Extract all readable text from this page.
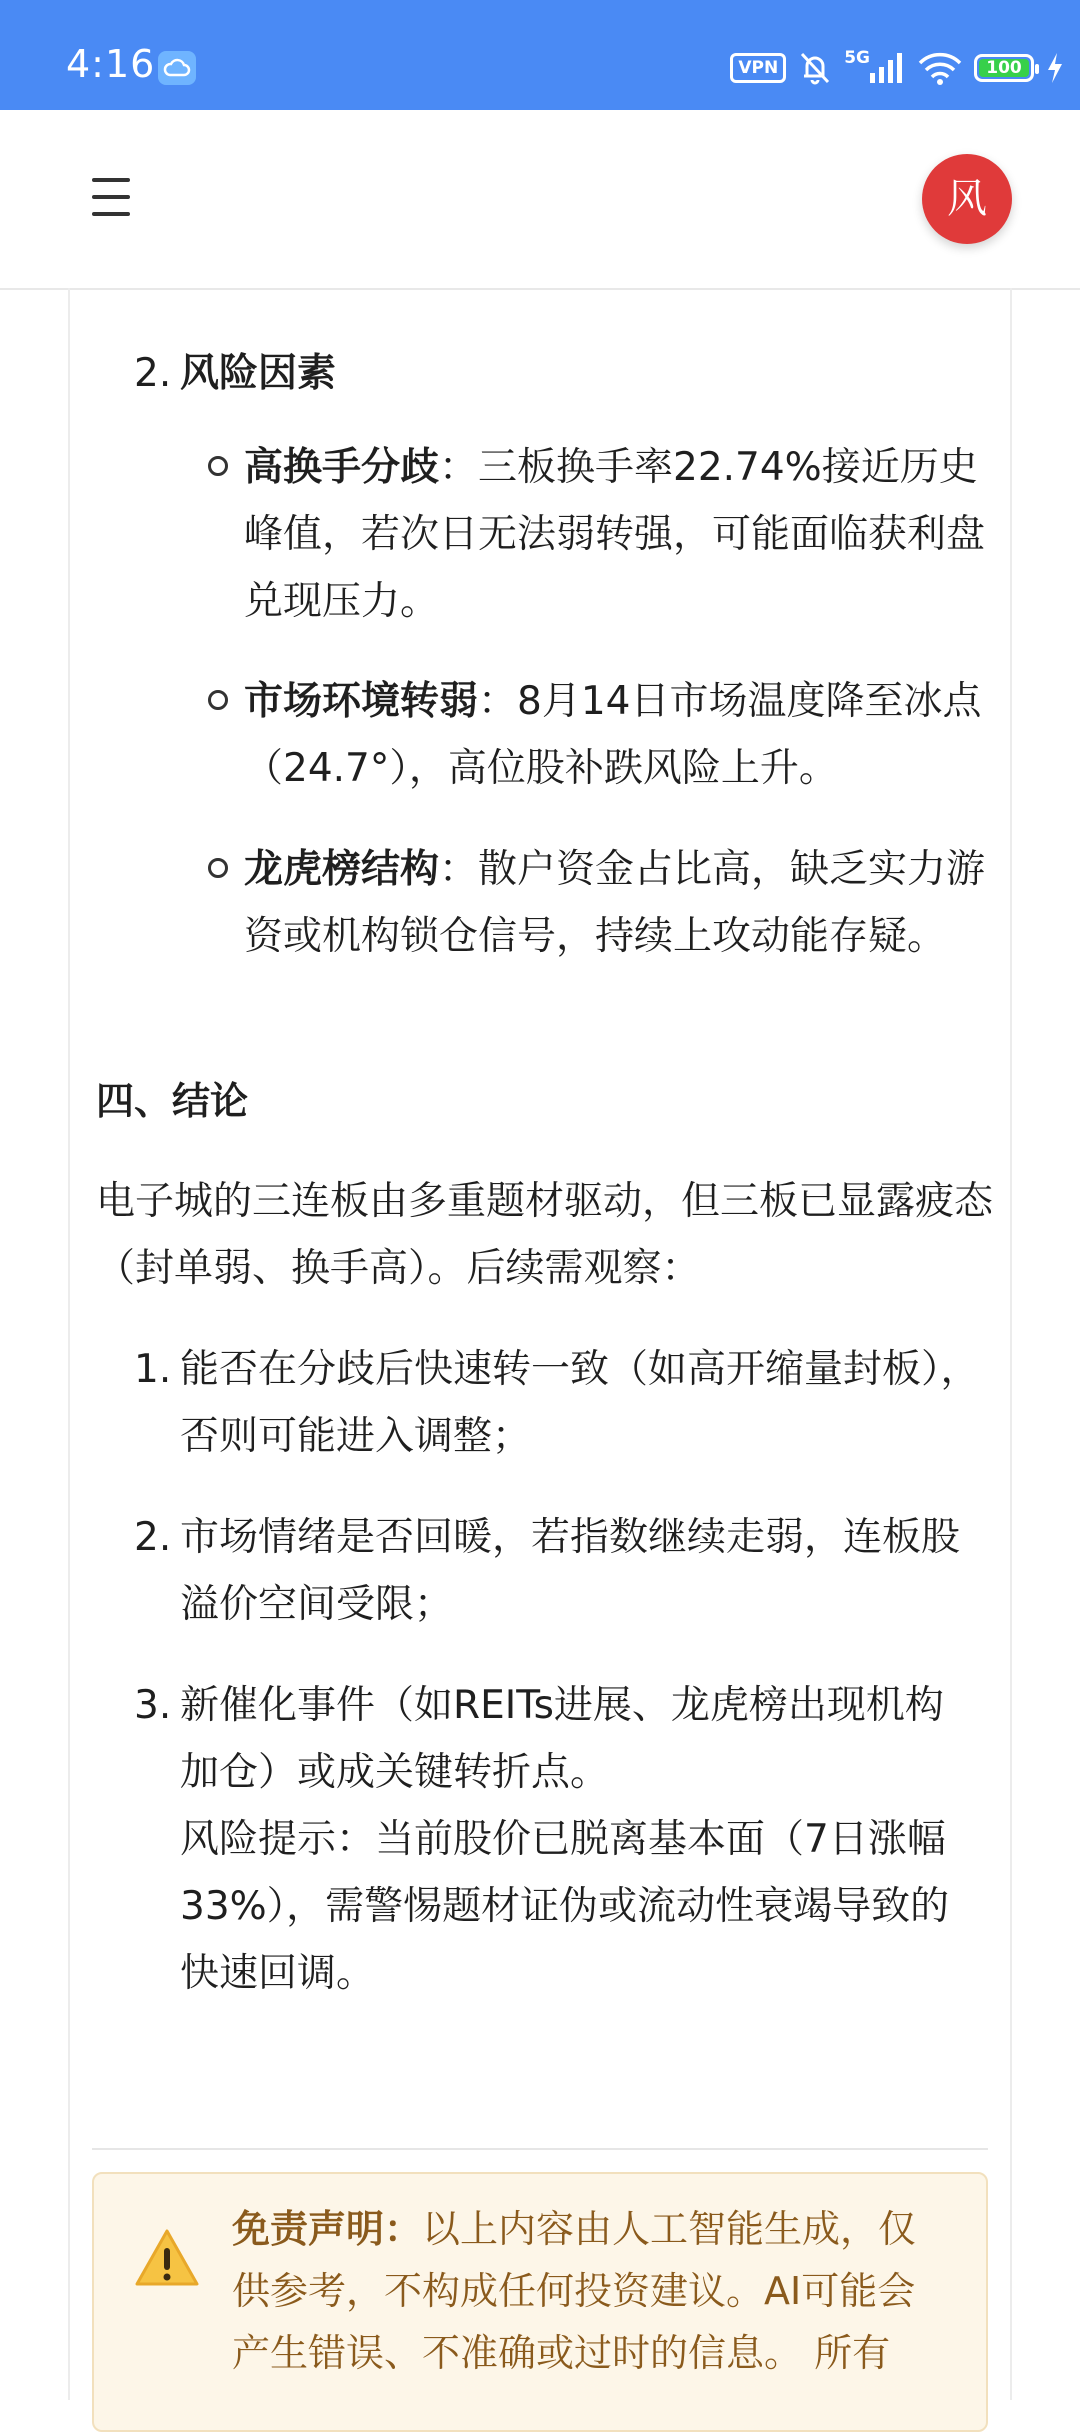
4:16	VPN	5G	100
风
2. 风险因素
高换手分歧：三板换手率22.74%接近历史峰值，若次日无法弱转强，可能面临获利盘兑现压力。
市场环境转弱：8月14日市场温度降至冰点（24.7°），高位股补跌风险上升。
龙虎榜结构：散户资金占比高，缺乏实力游资或机构锁仓信号，持续上攻动能存疑。
四、结论
电子城的三连板由多重题材驱动，但三板已显露疲态（封单弱、换手高）。后续需观察：
1. 能否在分歧后快速转一致（如高开缩量封板），否则可能进入调整；
2. 市场情绪是否回暖，若指数继续走弱，连板股溢价空间受限；
3. 新催化事件（如REITs进展、龙虎榜出现机构加仓）或成关键转折点。
风险提示：当前股价已脱离基本面（7日涨幅33%），需警惕题材证伪或流动性衰竭导致的快速回调。
免责声明：以上内容由人工智能生成，仅供参考，不构成任何投资建议。AI可能会产生错误、不准确或过时的信息。 所有
